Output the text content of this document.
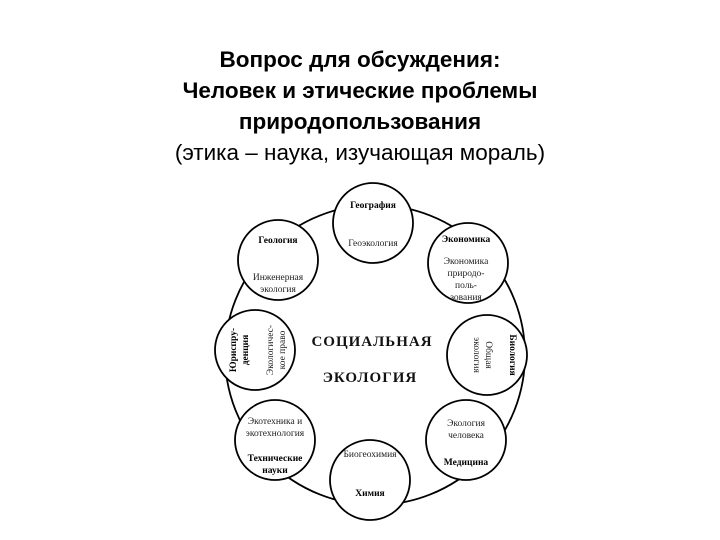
Вопрос для обсуждения:
Человек и этические проблемы
природопользования
(этика – наука, изучающая мораль)
СОЦИАЛЬНАЯ
ЭКОЛОГИЯ
География
Геоэкология	Экономика
Экономика
природо-
поль-
зования
Биология
Общая
экология
Экология
человека
Медицина
Биогеохимия
Химия
Экотехника и
экотехнология
Технические
науки
Юриспру- денция Экологичес- кое право
Геология
Инженерная
экология
